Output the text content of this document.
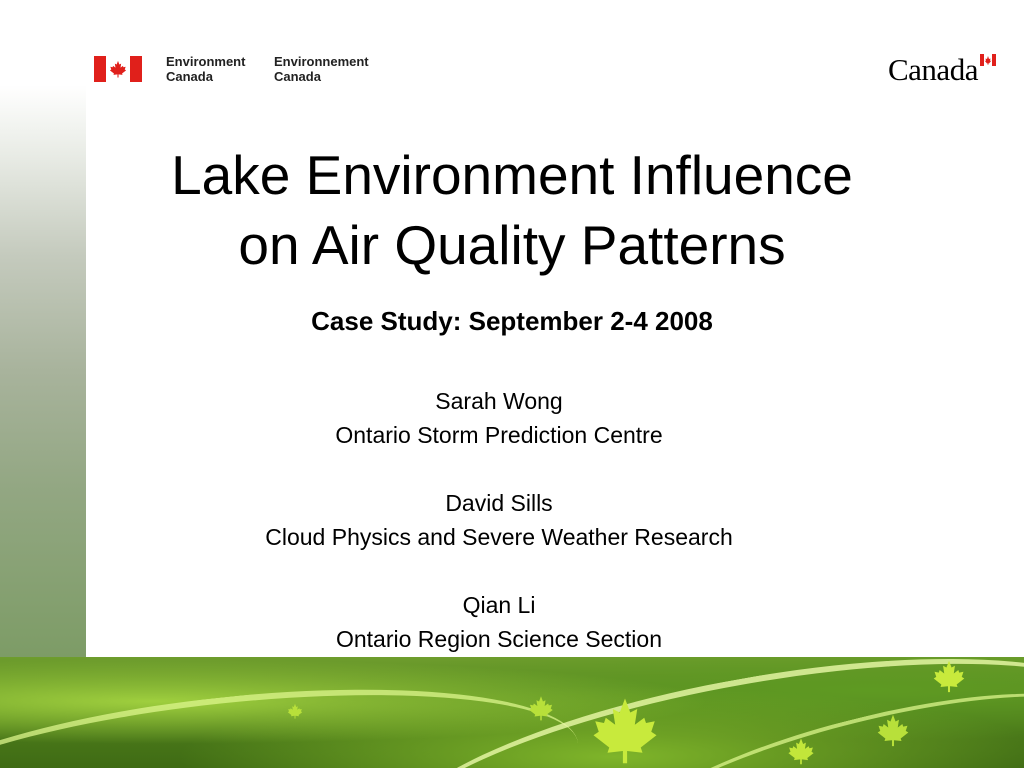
Environment
Canada
Environnement
Canada	Canada
Lake Environment Influence
on Air Quality Patterns
Case Study: September 2-4 2008
Sarah Wong
Ontario Storm Prediction Centre
David Sills
Cloud Physics and Severe Weather Research
Qian Li
Ontario Region Science Section
